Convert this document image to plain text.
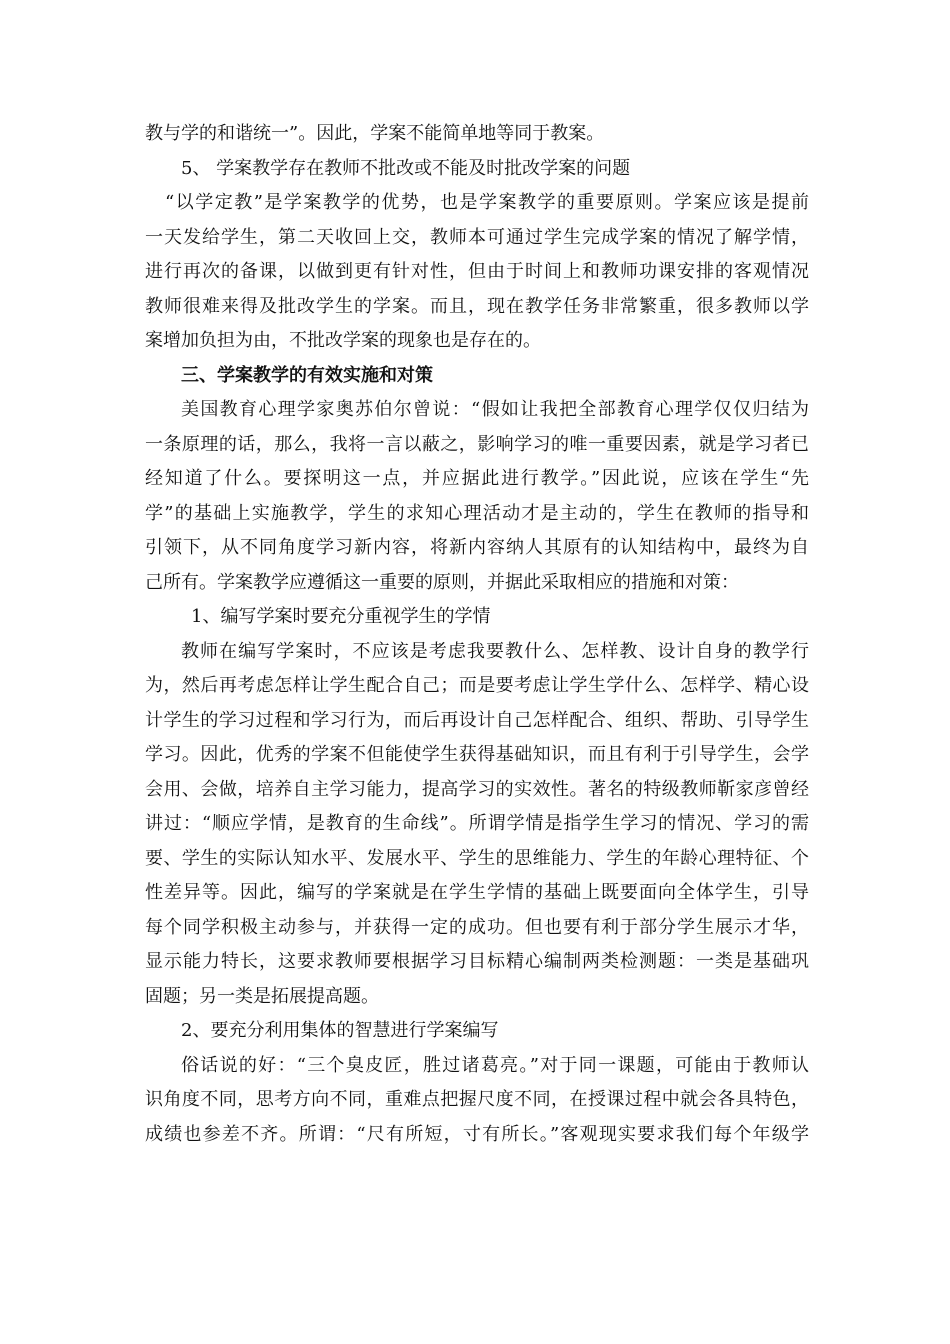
教与学的和谐统一”。因此，学案不能简单地等同于教案。
5、 学案教学存在教师不批改或不能及时批改学案的问题
“以学定教”是学案教学的优势，也是学案教学的重要原则。学案应该是提前
一天发给学生，第二天收回上交，教师本可通过学生完成学案的情况了解学情，
进行再次的备课，以做到更有针对性，但由于时间上和教师功课安排的客观情况
教师很难来得及批改学生的学案。而且，现在教学任务非常繁重，很多教师以学
案增加负担为由，不批改学案的现象也是存在的。
三、学案教学的有效实施和对策
美国教育心理学家奥苏伯尔曾说：“假如让我把全部教育心理学仅仅归结为
一条原理的话，那么，我将一言以蔽之，影响学习的唯一重要因素，就是学习者已
经知道了什么。要探明这一点，并应据此进行教学。”因此说，应该在学生“先
学”的基础上实施教学，学生的求知心理活动才是主动的，学生在教师的指导和
引领下，从不同角度学习新内容，将新内容纳人其原有的认知结构中，最终为自
己所有。学案教学应遵循这一重要的原则，并据此采取相应的措施和对策：
1、编写学案时要充分重视学生的学情
教师在编写学案时，不应该是考虑我要教什么、怎样教、设计自身的教学行
为，然后再考虑怎样让学生配合自己；而是要考虑让学生学什么、怎样学、精心设
计学生的学习过程和学习行为，而后再设计自己怎样配合、组织、帮助、引导学生
学习。因此，优秀的学案不但能使学生获得基础知识，而且有利于引导学生，会学
会用、会做，培养自主学习能力，提高学习的实效性。著名的特级教师靳家彦曾经
讲过：“顺应学情，是教育的生命线”。所谓学情是指学生学习的情况、学习的需
要、学生的实际认知水平、发展水平、学生的思维能力、学生的年龄心理特征、个
性差异等。因此，编写的学案就是在学生学情的基础上既要面向全体学生，引导
每个同学积极主动参与，并获得一定的成功。但也要有利于部分学生展示才华，
显示能力特长，这要求教师要根据学习目标精心编制两类检测题：一类是基础巩
固题；另一类是拓展提高题。
2、要充分利用集体的智慧进行学案编写
俗话说的好：“三个臭皮匠，胜过诸葛亮。”对于同一课题，可能由于教师认
识角度不同，思考方向不同，重难点把握尺度不同，在授课过程中就会各具特色，
成绩也参差不齐。所谓：“尺有所短，寸有所长。”客观现实要求我们每个年级学
